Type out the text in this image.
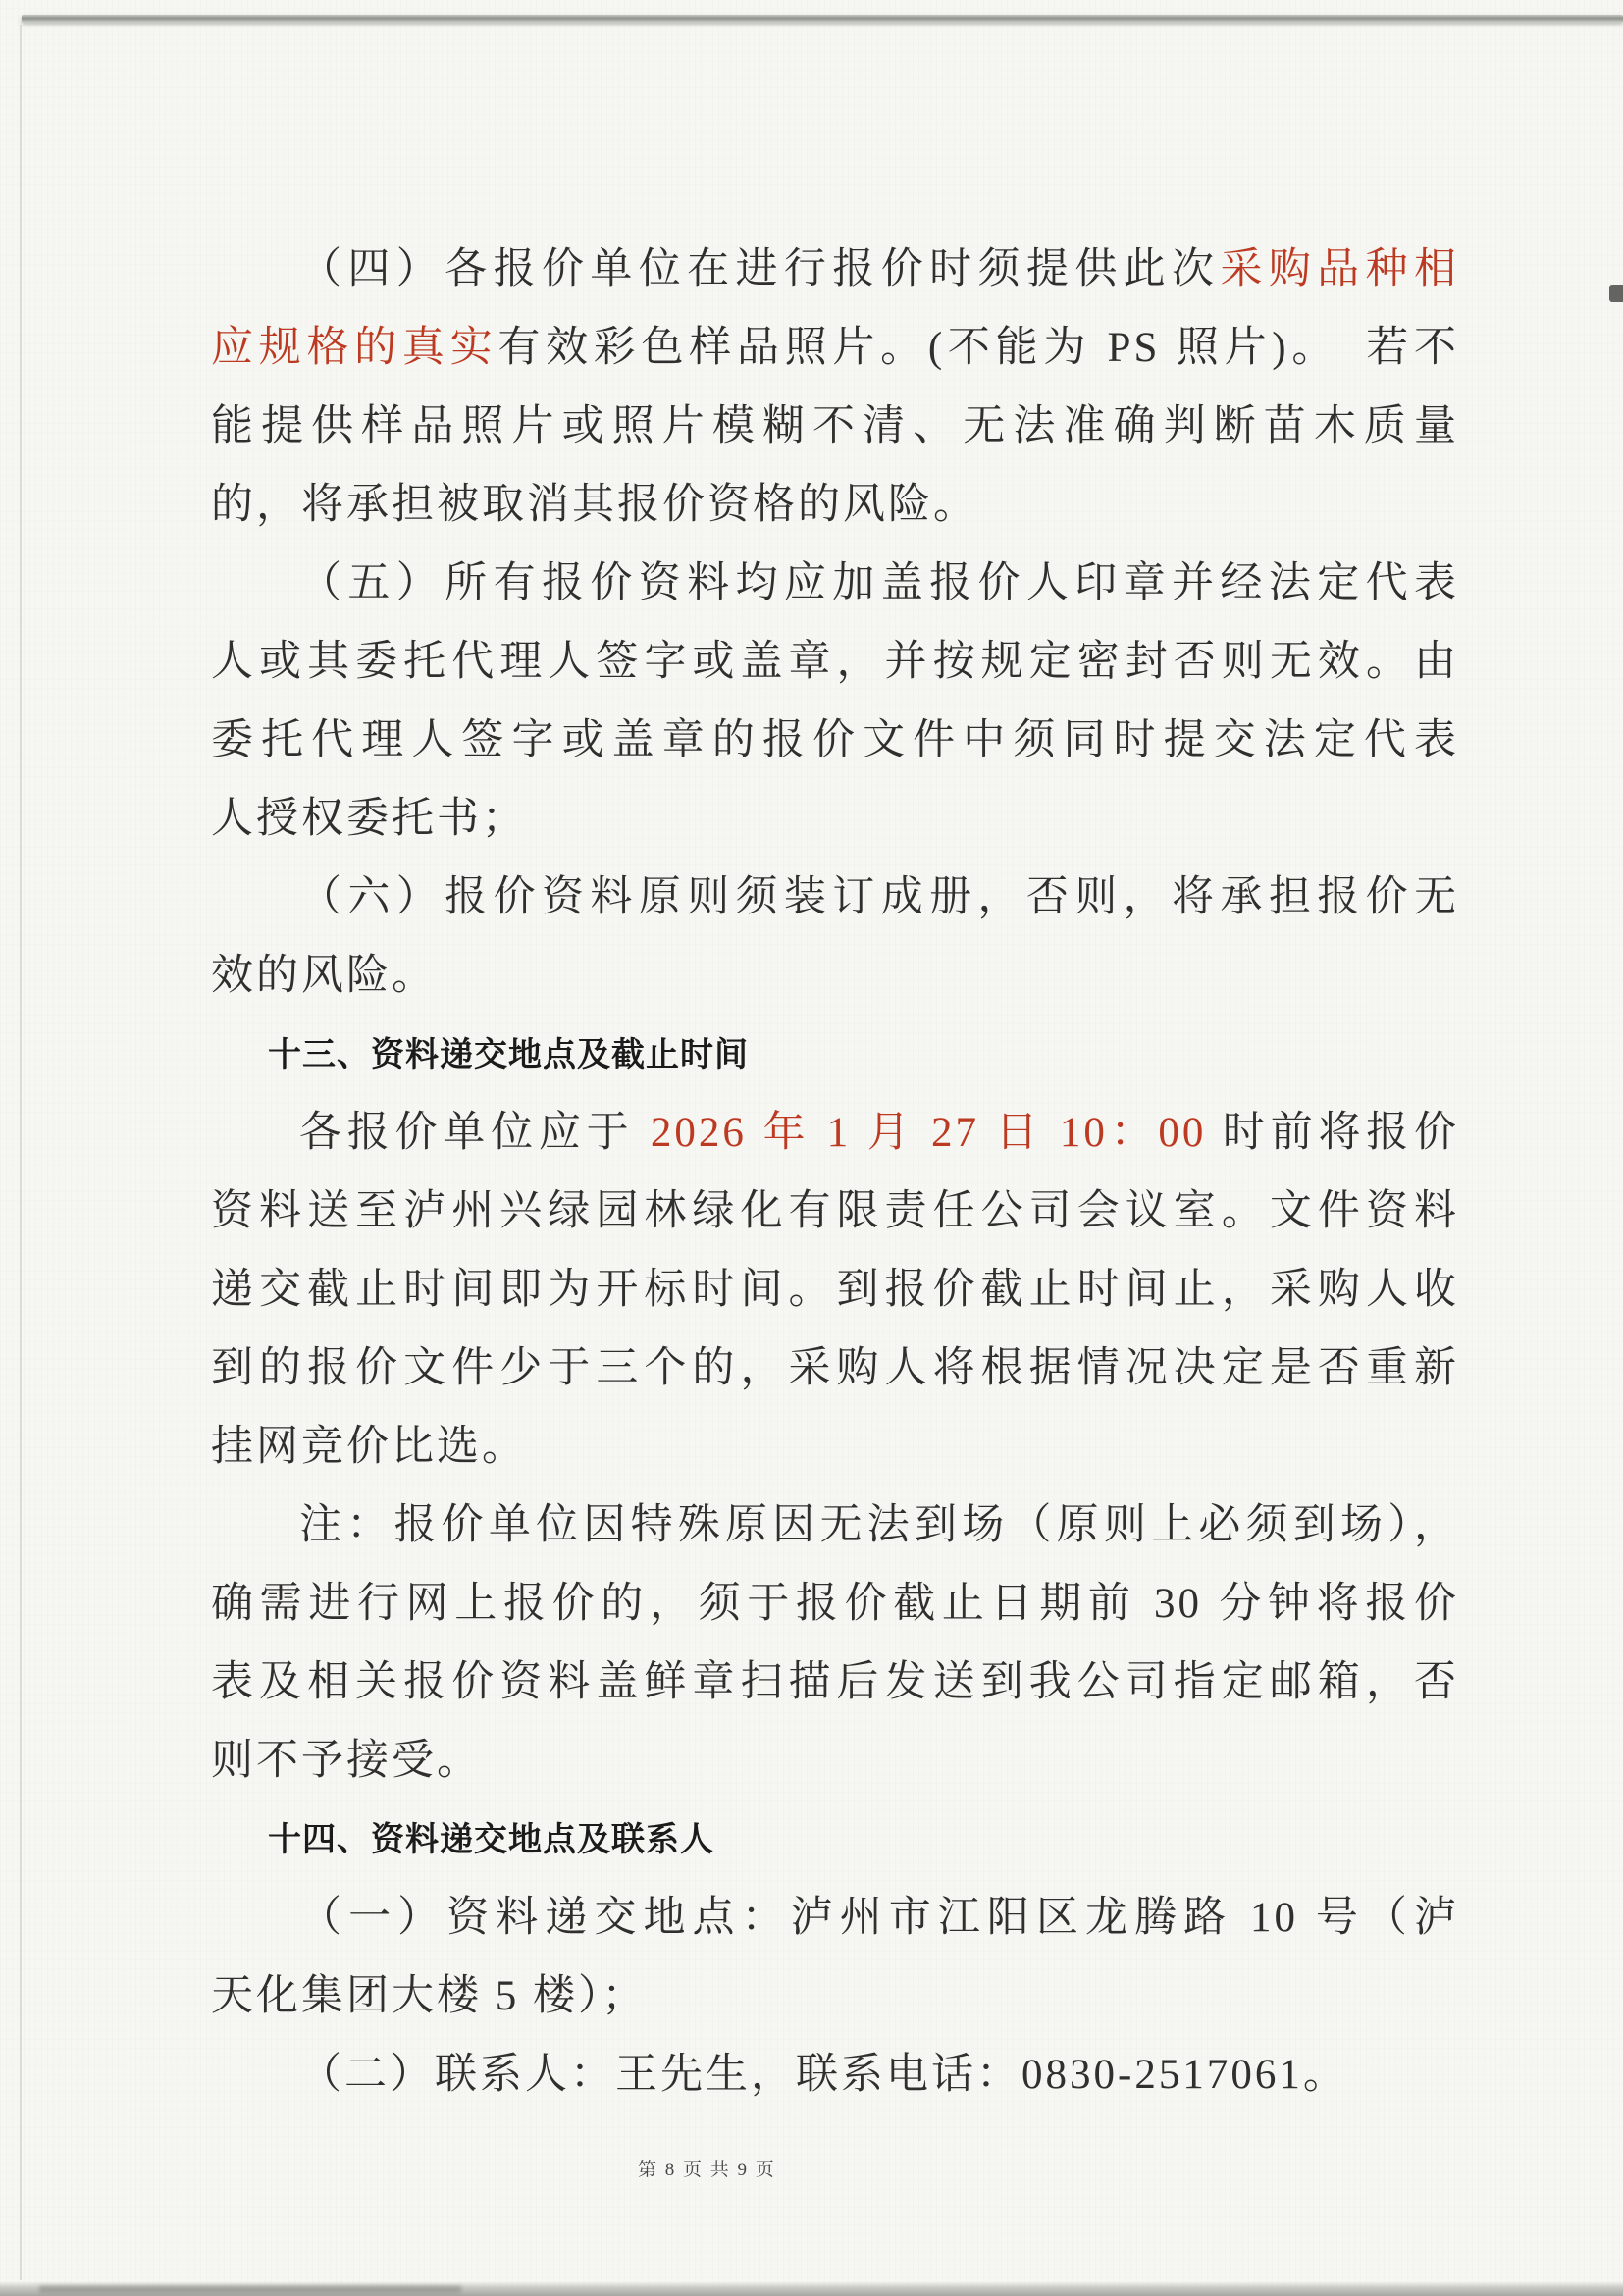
（四）各报价单位在进行报价时须提供此次采购品种相
应规格的真实有效彩色样品照片。(不能为 PS 照片)。　若不
能提供样品照片或照片模糊不清、无法准确判断苗木质量
的，将承担被取消其报价资格的风险。
（五）所有报价资料均应加盖报价人印章并经法定代表
人或其委托代理人签字或盖章，并按规定密封否则无效。由
委托代理人签字或盖章的报价文件中须同时提交法定代表
人授权委托书；
（六）报价资料原则须装订成册，否则，将承担报价无
效的风险。
十三、资料递交地点及截止时间
各报价单位应于 2026 年 1 月 27 日 10：00 时前将报价
资料送至泸州兴绿园林绿化有限责任公司会议室。文件资料
递交截止时间即为开标时间。到报价截止时间止，采购人收
到的报价文件少于三个的，采购人将根据情况决定是否重新
挂网竞价比选。
注：报价单位因特殊原因无法到场（原则上必须到场），
确需进行网上报价的，须于报价截止日期前 30 分钟将报价
表及相关报价资料盖鲜章扫描后发送到我公司指定邮箱，否
则不予接受。
十四、资料递交地点及联系人
（一）资料递交地点：泸州市江阳区龙腾路 10 号（泸
天化集团大楼 5 楼）；
（二）联系人：王先生，联系电话：0830-2517061。
第 8 页 共 9 页
